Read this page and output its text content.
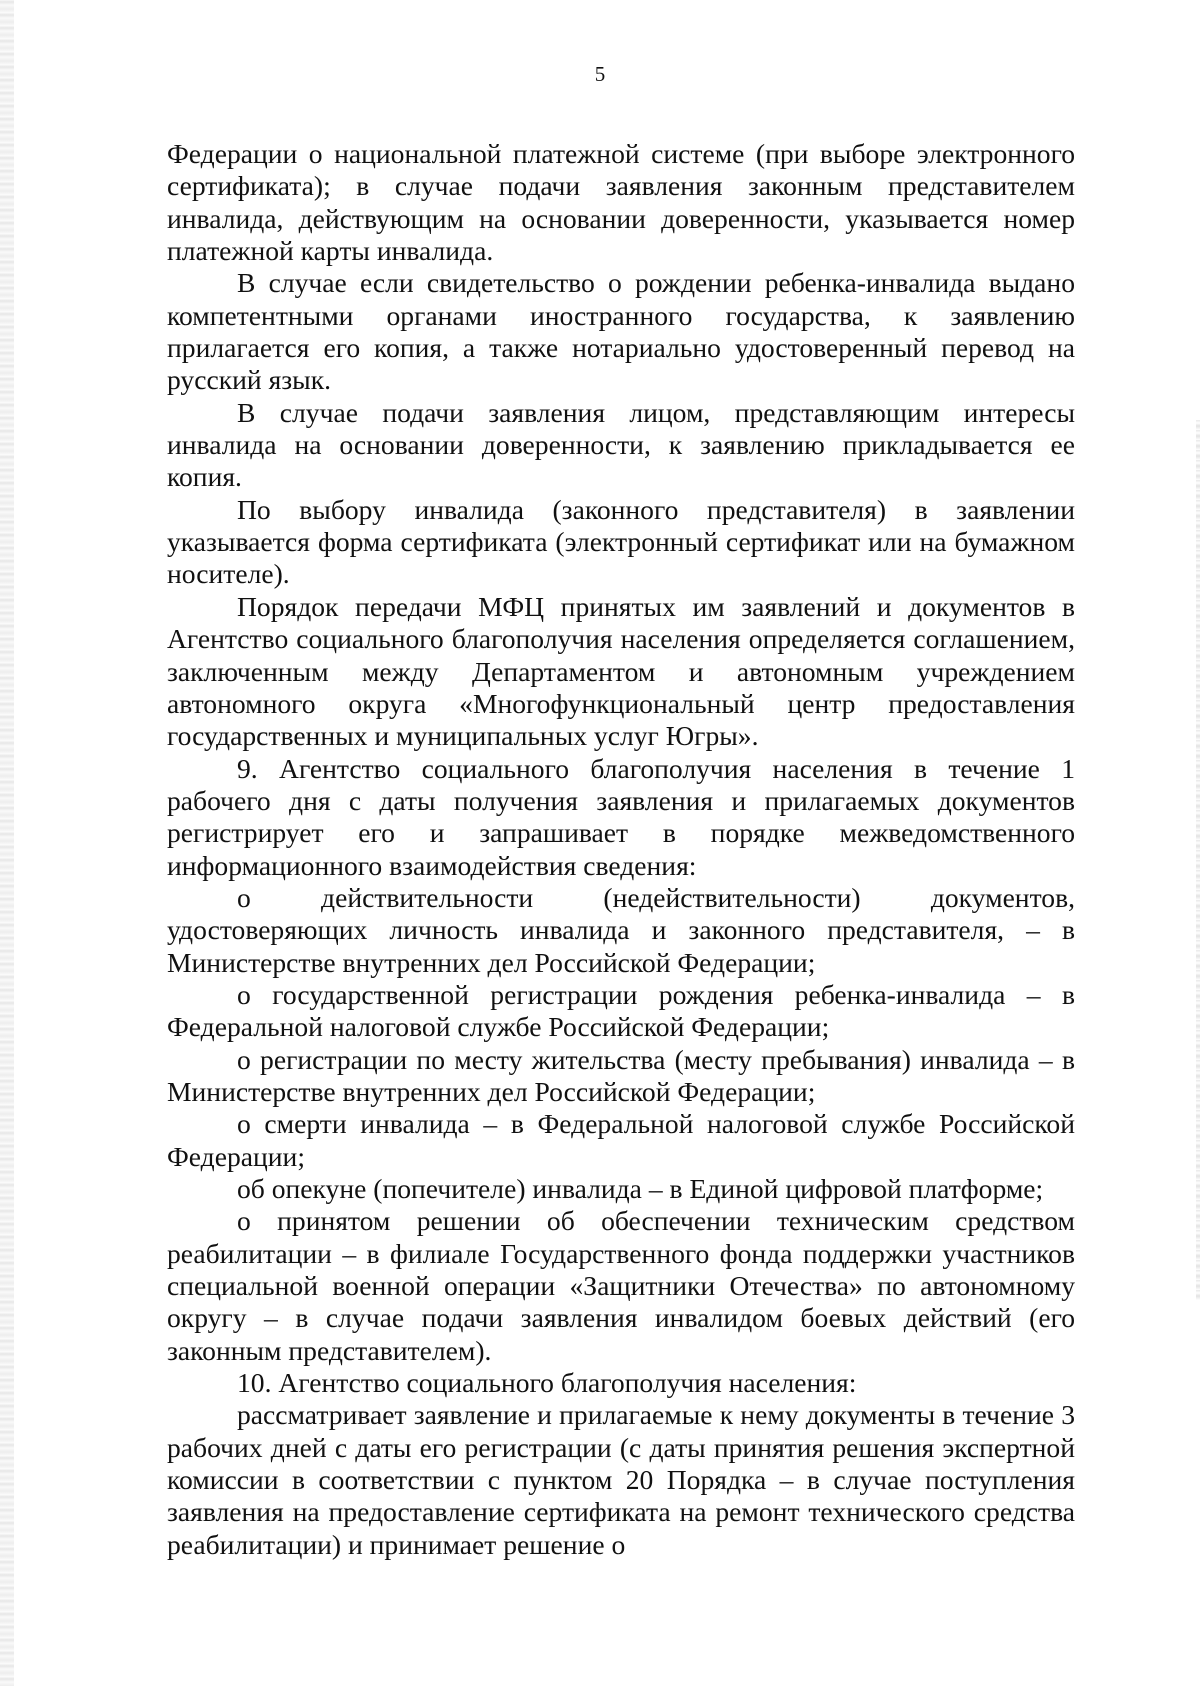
5

Федерации о национальной платежной системе (при выборе электронного сертификата); в случае подачи заявления законным представителем инвалида, действующим на основании доверенности, указывается номер платежной карты инвалида.

В случае если свидетельство о рождении ребенка-инвалида выдано компетентными органами иностранного государства, к заявлению прилагается его копия, а также нотариально удостоверенный перевод на русский язык.

В случае подачи заявления лицом, представляющим интересы инвалида на основании доверенности, к заявлению прикладывается ее копия.

По выбору инвалида (законного представителя) в заявлении указывается форма сертификата (электронный сертификат или на бумажном носителе).

Порядок передачи МФЦ принятых им заявлений и документов в Агентство социального благополучия населения определяется соглашением, заключенным между Департаментом и автономным учреждением автономного округа «Многофункциональный центр предоставления государственных и муниципальных услуг Югры».

9. Агентство социального благополучия населения в течение 1 рабочего дня с даты получения заявления и прилагаемых документов регистрирует его и запрашивает в порядке межведомственного информационного взаимодействия сведения:

о действительности (недействительности) документов, удостоверяющих личность инвалида и законного представителя, – в Министерстве внутренних дел Российской Федерации;

о государственной регистрации рождения ребенка-инвалида – в Федеральной налоговой службе Российской Федерации;

о регистрации по месту жительства (месту пребывания) инвалида – в Министерстве внутренних дел Российской Федерации;

о смерти инвалида – в Федеральной налоговой службе Российской Федерации;

об опекуне (попечителе) инвалида – в Единой цифровой платформе;

о принятом решении об обеспечении техническим средством реабилитации – в филиале Государственного фонда поддержки участников специальной военной операции «Защитники Отечества» по автономному округу – в случае подачи заявления инвалидом боевых действий (его законным представителем).

10. Агентство социального благополучия населения:

рассматривает заявление и прилагаемые к нему документы в течение 3 рабочих дней с даты его регистрации (с даты принятия решения экспертной комиссии в соответствии с пунктом 20 Порядка – в случае поступления заявления на предоставление сертификата на ремонт технического средства реабилитации) и принимает решение о
